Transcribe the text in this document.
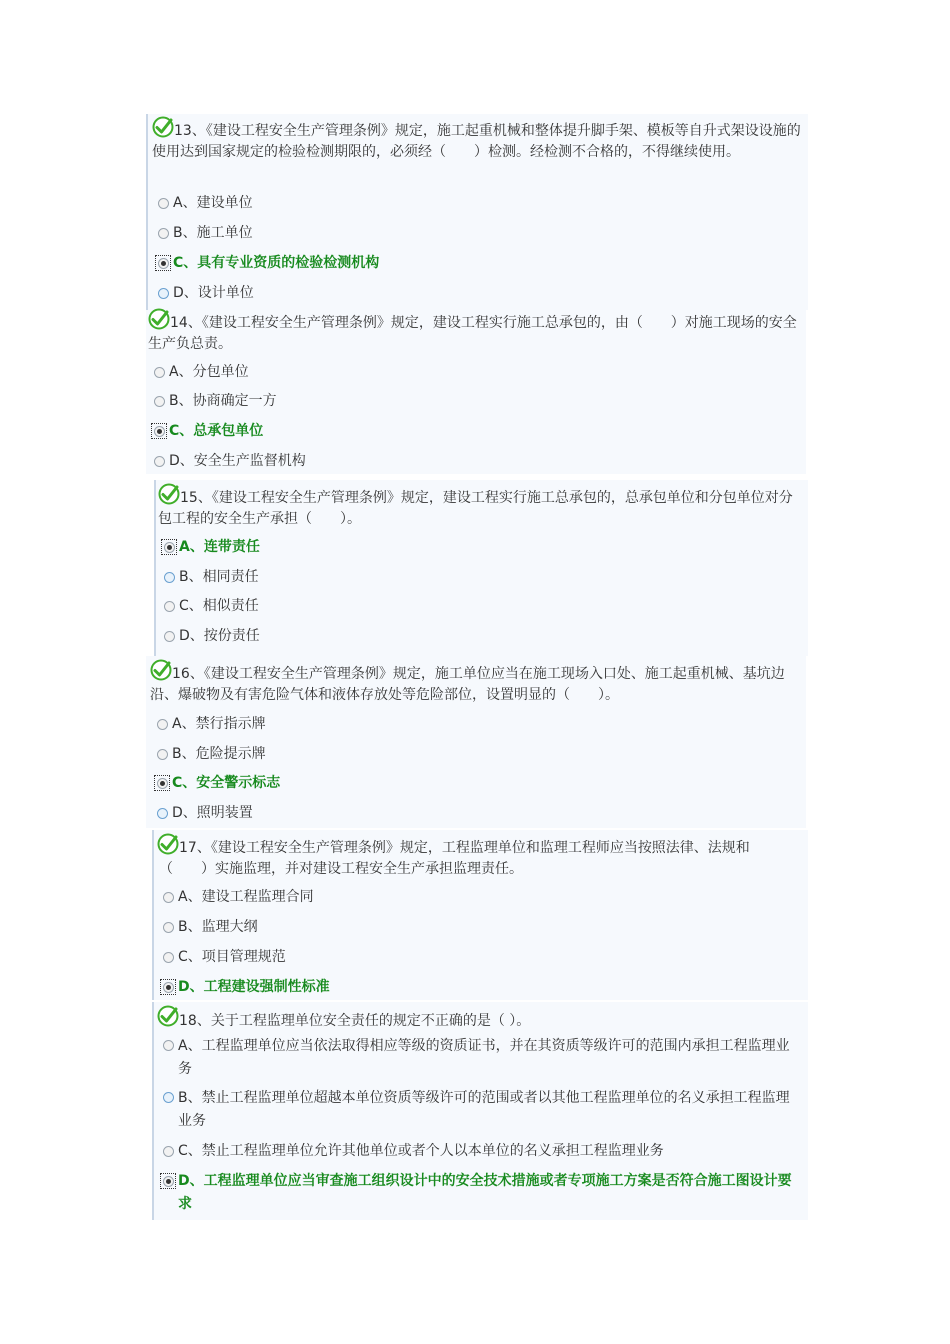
13、《建设工程安全生产管理条例》规定，施工起重机械和整体提升脚手架、模板等自升式架设设施的使用达到国家规定的检验检测期限的，必须经（　　）检测。经检测不合格的，不得继续使用。
A、建设单位
B、施工单位
C、具有专业资质的检验检测机构
D、设计单位
14、《建设工程安全生产管理条例》规定，建设工程实行施工总承包的，由（　　）对施工现场的安全生产负总责。
A、分包单位
B、协商确定一方
C、总承包单位
D、安全生产监督机构
15、《建设工程安全生产管理条例》规定，建设工程实行施工总承包的，总承包单位和分包单位对分包工程的安全生产承担（　　）。
A、连带责任
B、相同责任
C、相似责任
D、按份责任
16、《建设工程安全生产管理条例》规定，施工单位应当在施工现场入口处、施工起重机械、基坑边沿、爆破物及有害危险气体和液体存放处等危险部位，设置明显的（　　）。
A、禁行指示牌
B、危险提示牌
C、安全警示标志
D、照明装置
17、《建设工程安全生产管理条例》规定，工程监理单位和监理工程师应当按照法律、法规和（　　）实施监理，并对建设工程安全生产承担监理责任。
A、建设工程监理合同
B、监理大纲
C、项目管理规范
D、工程建设强制性标准
18、关于工程监理单位安全责任的规定不正确的是（ ）。
A、工程监理单位应当依法取得相应等级的资质证书，并在其资质等级许可的范围内承担工程监理业务
B、禁止工程监理单位超越本单位资质等级许可的范围或者以其他工程监理单位的名义承担工程监理业务
C、禁止工程监理单位允许其他单位或者个人以本单位的名义承担工程监理业务
D、工程监理单位应当审查施工组织设计中的安全技术措施或者专项施工方案是否符合施工图设计要求
